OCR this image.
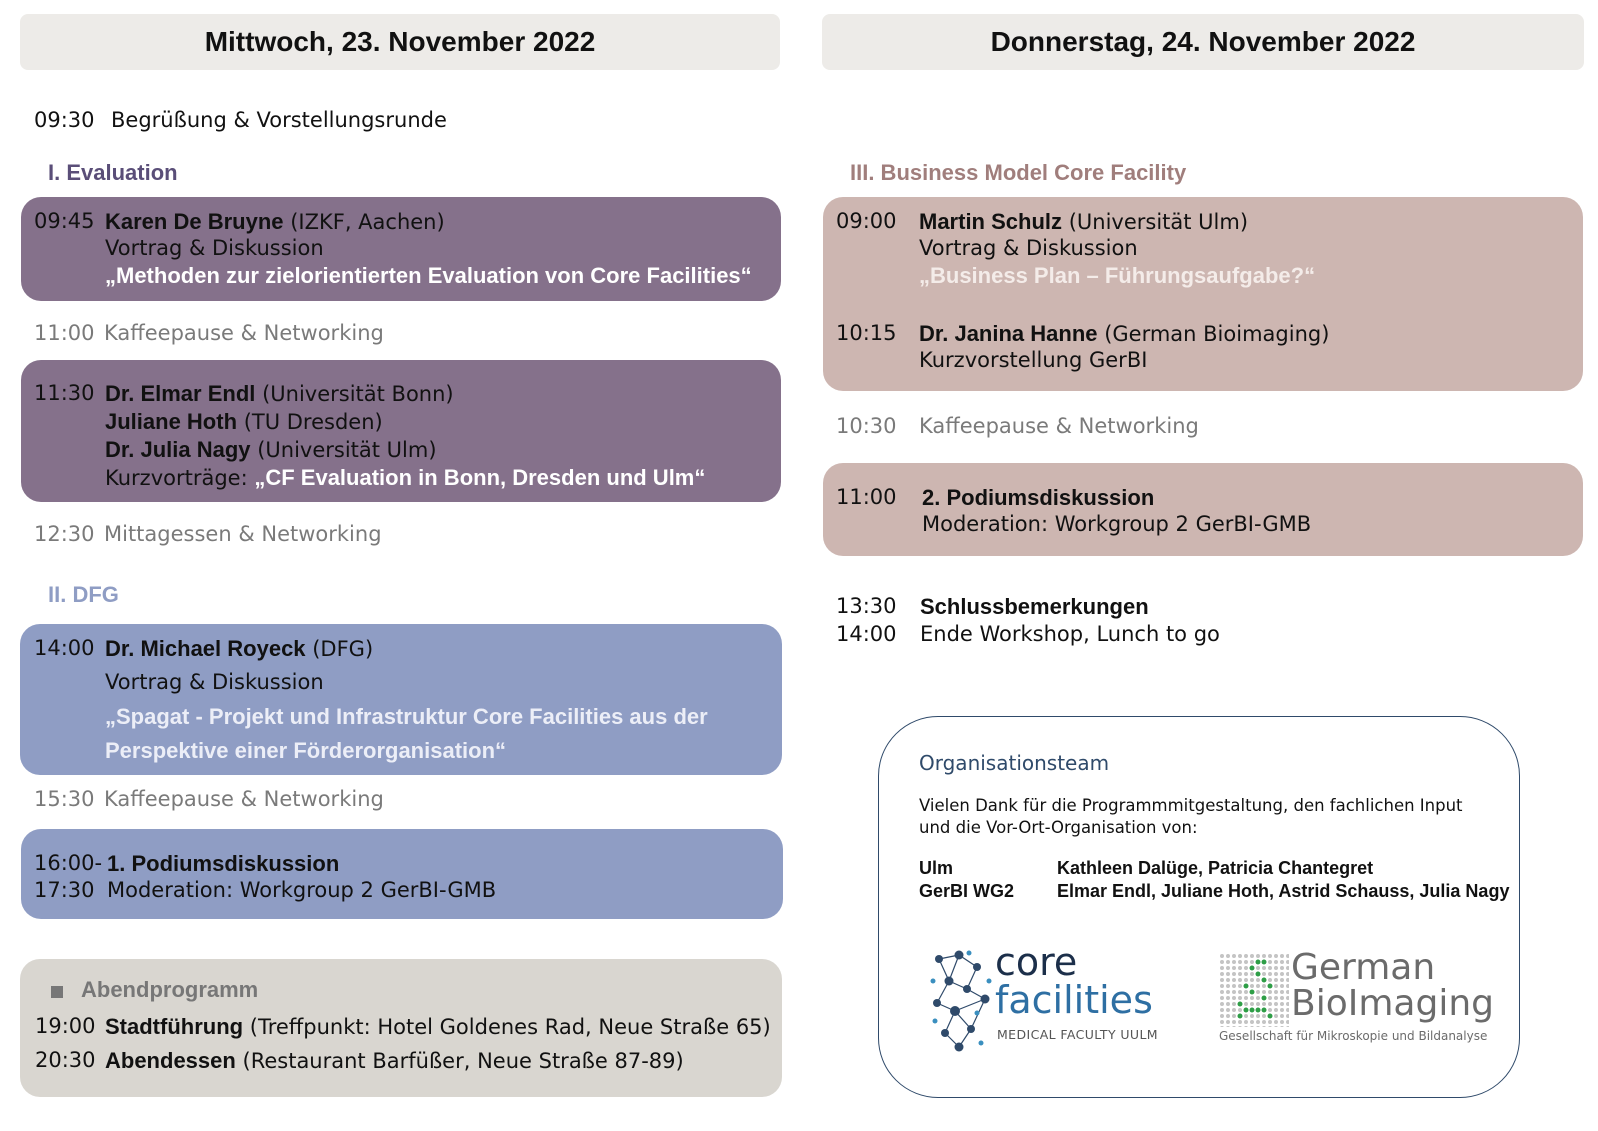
Mittwoch, 23. November 2022	Donnerstag, 24. November 2022
09:30 Begrüßung & Vorstellungsrunde
I. Evaluation
09:45 Karen De Bruyne (IZKF, Aachen)
Vortrag & Diskussion
„Methoden zur zielorientierten Evaluation von Core Facilities“
11:00 Kaffeepause & Networking
11:30 Dr. Elmar Endl (Universität Bonn)
Juliane Hoth (TU Dresden)
Dr. Julia Nagy (Universität Ulm)
Kurzvorträge: „CF Evaluation in Bonn, Dresden und Ulm“
12:30 Mittagessen & Networking
II. DFG
14:00 Dr. Michael Royeck (DFG)
Vortrag & Diskussion
„Spagat - Projekt und Infrastruktur Core Facilities aus der
Perspektive einer Förderorganisation“
15:30 Kaffeepause & Networking
16:00-
17:30
1. Podiumsdiskussion
Moderation: Workgroup 2 GerBI-GMB
Abendprogramm
19:00 Stadtführung (Treffpunkt: Hotel Goldenes Rad, Neue Straße 65)
20:30 Abendessen (Restaurant Barfüßer, Neue Straße 87-89)
III. Business Model Core Facility
09:00 Martin Schulz (Universität Ulm)
Vortrag & Diskussion
„Business Plan – Führungsaufgabe?“
10:15 Dr. Janina Hanne (German Bioimaging)
Kurzvorstellung GerBI
10:30 Kaffeepause & Networking
11:00 2. Podiumsdiskussion
Moderation: Workgroup 2 GerBI-GMB
13:30 Schlussbemerkungen
14:00 Ende Workshop, Lunch to go
Organisationsteam
Vielen Dank für die Programmmitgestaltung, den fachlichen Input
und die Vor-Ort-Organisation von:
Ulm	Kathleen Dalüge, Patricia Chantegret
GerBI WG2 Elmar Endl, Juliane Hoth, Astrid Schauss, Julia Nagy
core
facilities
MEDICAL FACULTY UULM
German
BioImaging
Gesellschaft für Mikroskopie und Bildanalyse
